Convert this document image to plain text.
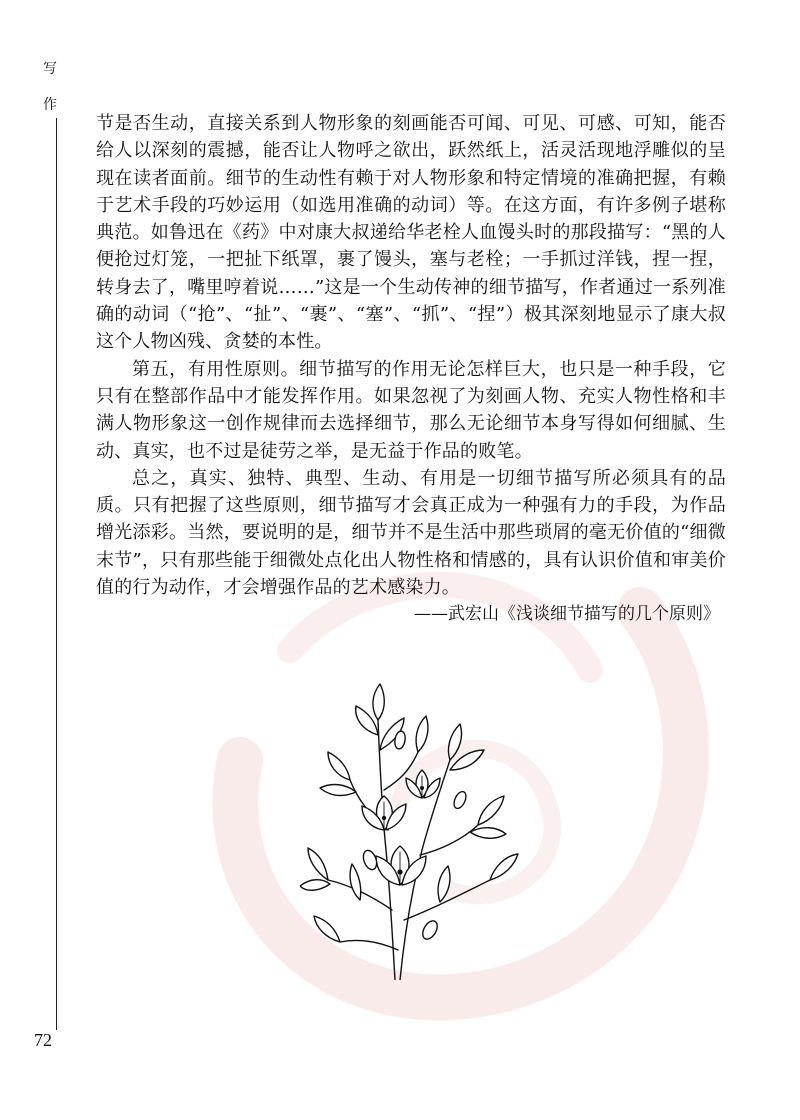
写
作

节是否生动，直接关系到人物形象的刻画能否可闻、可见、可感、可知，能否给人以深刻的震撼，能否让人物呼之欲出，跃然纸上，活灵活现地浮雕似的呈现在读者面前。细节的生动性有赖于对人物形象和特定情境的准确把握，有赖于艺术手段的巧妙运用（如选用准确的动词）等。在这方面，有许多例子堪称典范。如鲁迅在《药》中对康大叔递给华老栓人血馒头时的那段描写：“黑的人便抢过灯笼，一把扯下纸罩，裹了馒头，塞与老栓；一手抓过洋钱，捏一捏，转身去了，嘴里哼着说……”这是一个生动传神的细节描写，作者通过一系列准确的动词（“抢”、“扯”、“裹”、“塞”、“抓”、“捏”）极其深刻地显示了康大叔这个人物凶残、贪婪的本性。

第五，有用性原则。细节描写的作用无论怎样巨大，也只是一种手段，它只有在整部作品中才能发挥作用。如果忽视了为刻画人物、充实人物性格和丰满人物形象这一创作规律而去选择细节，那么无论细节本身写得如何细腻、生动、真实，也不过是徒劳之举，是无益于作品的败笔。

总之，真实、独特、典型、生动、有用是一切细节描写所必须具有的品质。只有把握了这些原则，细节描写才会真正成为一种强有力的手段，为作品增光添彩。当然，要说明的是，细节并不是生活中那些琐屑的毫无价值的“细微末节”，只有那些能于细微处点化出人物性格和情感的，具有认识价值和审美价值的行为动作，才会增强作品的艺术感染力。

——武宏山《浅谈细节描写的几个原则》

72
